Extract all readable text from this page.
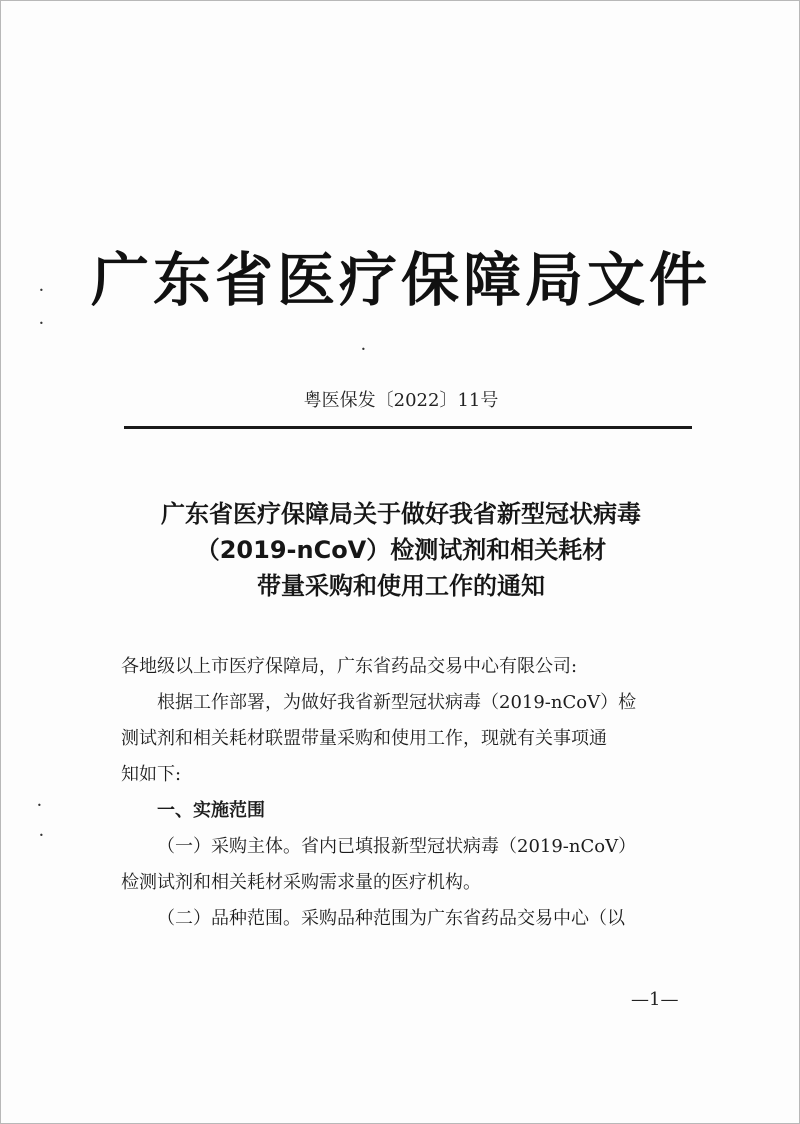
•
•
•
•
•
广东省医疗保障局文件
粤医保发〔2022〕11号
广东省医疗保障局关于做好我省新型冠状病毒
（2019-nCoV）检测试剂和相关耗材
带量采购和使用工作的通知

各地级以上市医疗保障局，广东省药品交易中心有限公司:

根据工作部署，为做好我省新型冠状病毒（2019-nCoV）检

测试剂和相关耗材联盟带量采购和使用工作，现就有关事项通

知如下:

一、实施范围

（一）采购主体。省内已填报新型冠状病毒（2019-nCoV）

检测试剂和相关耗材采购需求量的医疗机构。

（二）品种范围。采购品种范围为广东省药品交易中心（以

—1—
